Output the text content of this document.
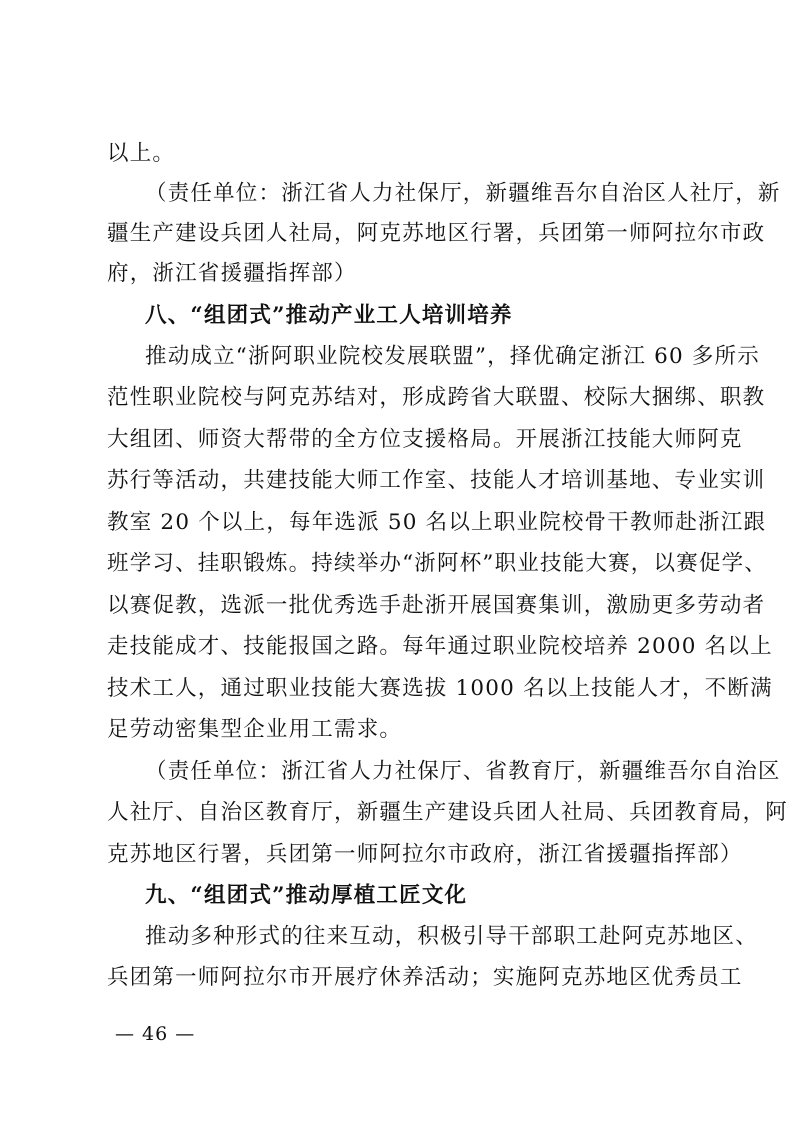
以上。
（责任单位：浙江省人力社保厅，新疆维吾尔自治区人社厅，新
疆生产建设兵团人社局，阿克苏地区行署，兵团第一师阿拉尔市政
府，浙江省援疆指挥部）
八、“组团式”推动产业工人培训培养
推动成立“浙阿职业院校发展联盟”，择优确定浙江 60 多所示
范性职业院校与阿克苏结对，形成跨省大联盟、校际大捆绑、职教
大组团、师资大帮带的全方位支援格局。开展浙江技能大师阿克
苏行等活动，共建技能大师工作室、技能人才培训基地、专业实训
教室 20 个以上，每年选派 50 名以上职业院校骨干教师赴浙江跟
班学习、挂职锻炼。持续举办“浙阿杯”职业技能大赛，以赛促学、
以赛促教，选派一批优秀选手赴浙开展国赛集训，激励更多劳动者
走技能成才、技能报国之路。每年通过职业院校培养 2000 名以上
技术工人，通过职业技能大赛选拔 1000 名以上技能人才，不断满
足劳动密集型企业用工需求。
（责任单位：浙江省人力社保厅、省教育厅，新疆维吾尔自治区
人社厅、自治区教育厅，新疆生产建设兵团人社局、兵团教育局，阿
克苏地区行署，兵团第一师阿拉尔市政府，浙江省援疆指挥部）
九、“组团式”推动厚植工匠文化
推动多种形式的往来互动，积极引导干部职工赴阿克苏地区、
兵团第一师阿拉尔市开展疗休养活动；实施阿克苏地区优秀员工
— 46 —
